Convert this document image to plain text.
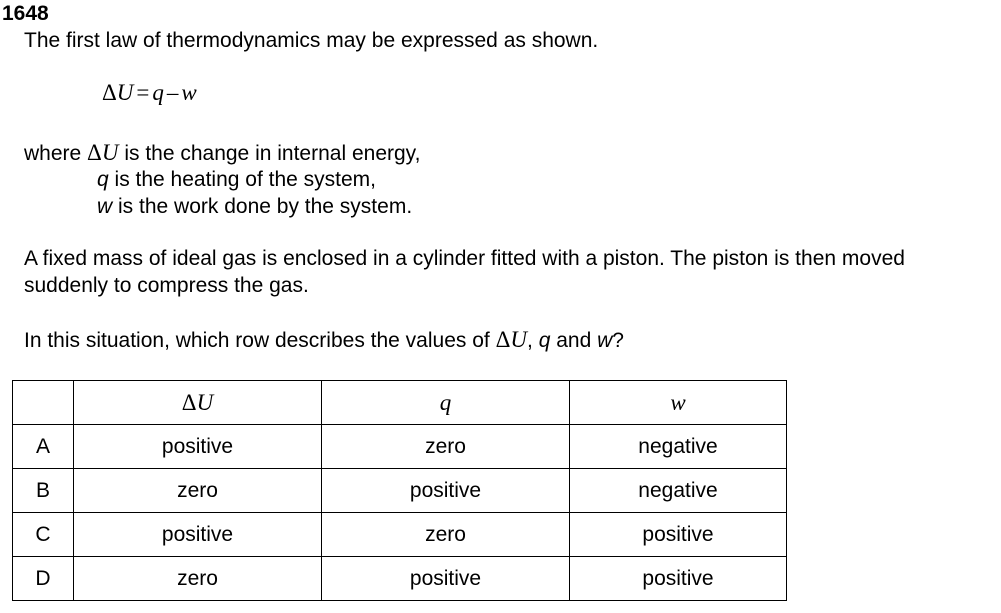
1648
The first law of thermodynamics may be expressed as shown.
ΔU = q – w
where ΔU is the change in internal energy,
q is the heating of the system,
w is the work done by the system.
A fixed mass of ideal gas is enclosed in a cylinder fitted with a piston. The piston is then moved
suddenly to compress the gas.
In this situation, which row describes the values of ΔU, q and w?
	ΔU	q	w
A	positive	zero	negative
B	zero	positive	negative
C	positive	zero	positive
D	zero	positive	positive
